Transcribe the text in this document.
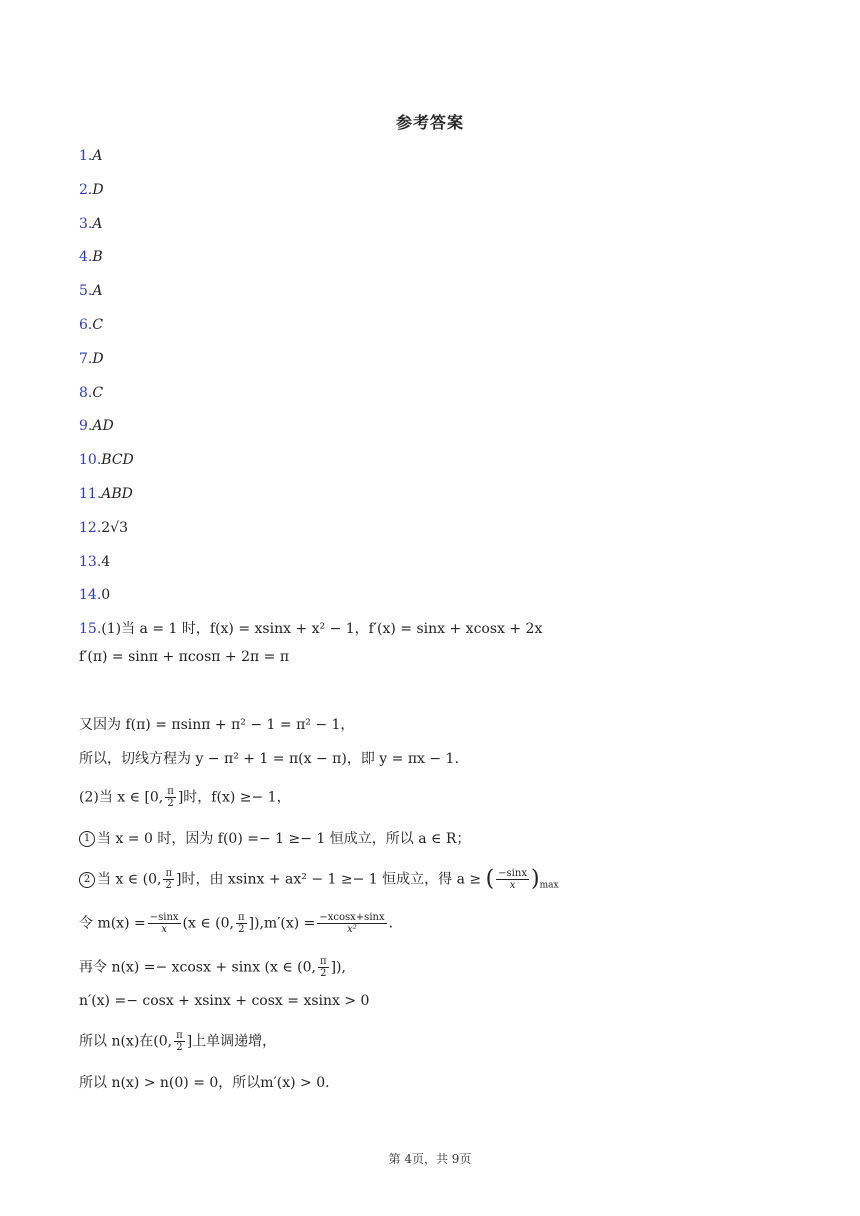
参考答案
1.A
2.D
3.A
4.B
5.A
6.C
7.D
8.C
9.AD
10.BCD
11.ABD
12.2√3
13.4
14.0
15.(1)当 a = 1 时，f(x) = xsinx + x² − 1，f′(x) = sinx + xcosx + 2x
f′(π) = sinπ + πcosπ + 2π = π
又因为 f(π) = πsinπ + π² − 1 = π² − 1，
所以，切线方程为 y − π² + 1 = π(x − π)，即 y = πx − 1.
(2)当 x ∈ [0, $\frac{\pi}{2}$ ]时，f(x) ≥− 1，
1 当 x = 0 时，因为 f(0) =− 1 ≥− 1 恒成立，所以 a ∈ R；
2 当 x ∈ (0, $\frac{\pi}{2}$ ]时，由 xsinx + ax² − 1 ≥− 1 恒成立，得 a ≥ ( $\frac{-\sin x}{x} )_{max}$
令 $m(x) = \frac{-\sin x}{x} (x$ ∈ (0, $\frac{\pi}{2} ]),m'(x) = \frac{-xcosx+\sin x}{\text{x²}}$ .
再令 n(x) =− xcosx + sinx (x ∈ (0, $\frac{\pi}{2}$ ]),
n′(x) =− cosx + xsinx + cosx = xsinx > 0
所以 n(x)在(0, $\frac{\pi}{2}$ ]上单调递增，
所以 n(x) > n(0) = 0，所以m′(x) > 0.
第 4页，共 9页
